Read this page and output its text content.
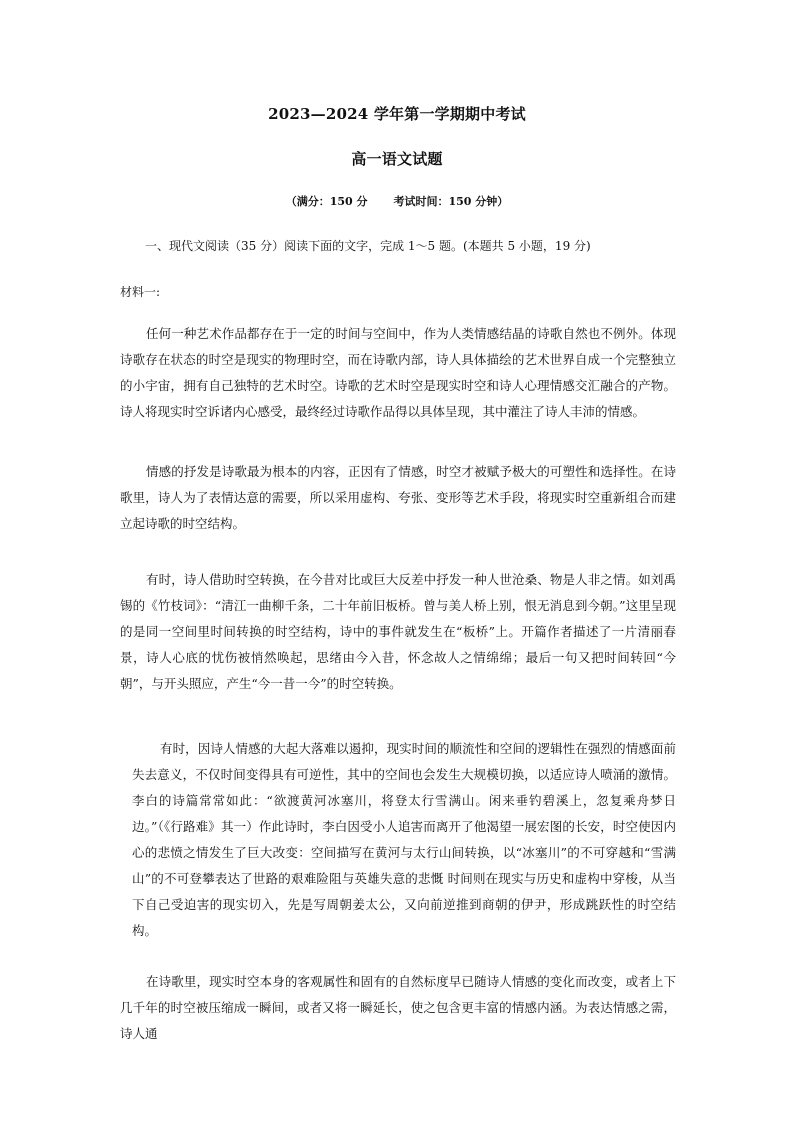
2023—2024 学年第一学期期中考试
高一语文试题
（满分：150 分 考试时间：150 分钟）
一、现代文阅读（35 分）阅读下面的文字，完成 1～5 题。(本题共 5 小题，19 分)
材料一:

任何一种艺术作品都存在于一定的时间与空间中，作为人类情感结晶的诗歌自然也不例外。体现诗歌存在状态的时空是现实的物理时空，而在诗歌内部，诗人具体描绘的艺术世界自成一个完整独立的小宇宙，拥有自己独特的艺术时空。诗歌的艺术时空是现实时空和诗人心理情感交汇融合的产物。诗人将现实时空诉诸内心感受，最终经过诗歌作品得以具体呈现，其中灌注了诗人丰沛的情感。

情感的抒发是诗歌最为根本的内容，正因有了情感，时空才被赋予极大的可塑性和选择性。在诗歌里，诗人为了表情达意的需要，所以采用虚构、夸张、变形等艺术手段，将现实时空重新组合而建立起诗歌的时空结构。

有时，诗人借助时空转换，在今昔对比或巨大反差中抒发一种人世沧桑、物是人非之情。如刘禹锡的《竹枝词》：“清江一曲柳千条，二十年前旧板桥。曾与美人桥上别，恨无消息到今朝。”这里呈现的是同一空间里时间转换的时空结构，诗中的事件就发生在“板桥”上。开篇作者描述了一片清丽春景，诗人心底的忧伤被悄然唤起，思绪由今入昔，怀念故人之情绵绵；最后一句又把时间转回“今朝”，与开头照应，产生“今一昔一今”的时空转换。

有时，因诗人情感的大起大落难以遏抑，现实时间的顺流性和空间的逻辑性在强烈的情感面前失去意义，不仅时间变得具有可逆性，其中的空间也会发生大规模切换，以适应诗人喷涌的激情。李白的诗篇常常如此：“欲渡黄河冰塞川，将登太行雪满山。闲来垂钓碧溪上，忽复乘舟梦日边。”（《行路难》其一）作此诗时，李白因受小人追害而离开了他渴望一展宏图的长安，时空使因内心的悲愤之情发生了巨大改变：空间描写在黄河与太行山间转换，以“冰塞川”的不可穿越和“雪满山”的不可登攀表达了世路的艰难险阻与英雄失意的悲慨 时间则在现实与历史和虚构中穿梭，从当下自己受迫害的现实切入，先是写周朝姜太公，又向前逆推到商朝的伊尹，形成跳跃性的时空结构。

在诗歌里，现实时空本身的客观属性和固有的自然标度早已随诗人情感的变化而改变，或者上下几千年的时空被压缩成一瞬间，或者又将一瞬延长，使之包含更丰富的情感内涵。为表达情感之需，诗人通
